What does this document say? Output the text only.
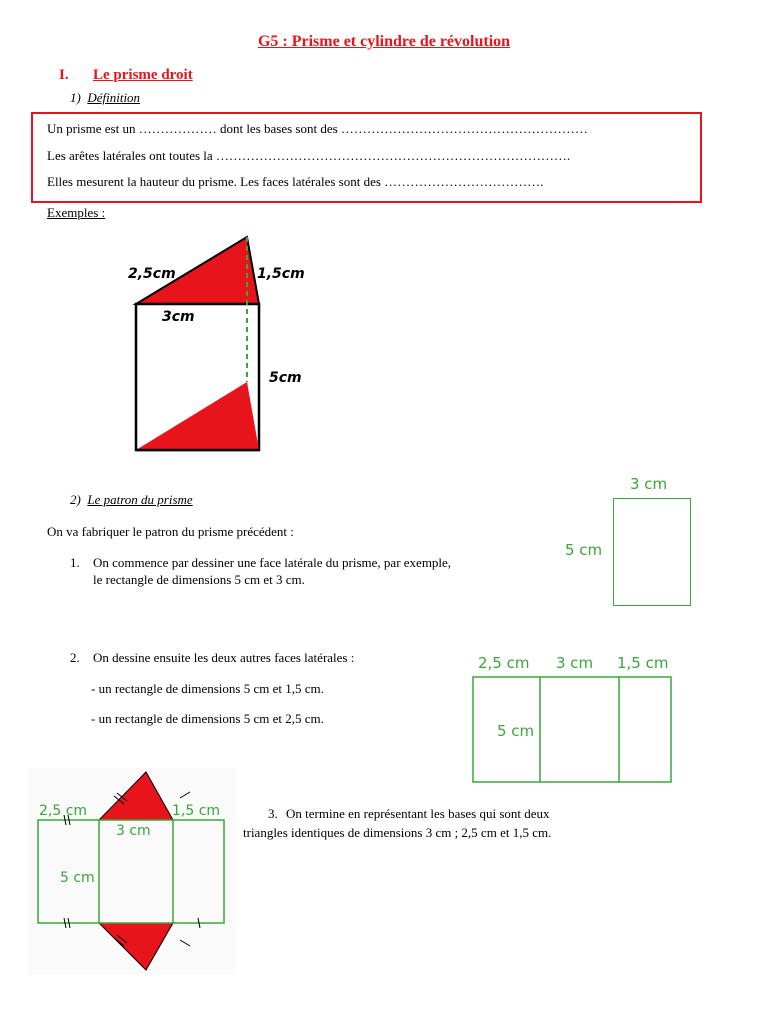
G5 : Prisme et cylindre de révolution
I. Le prisme droit
1) Définition
Un prisme est un ……………… dont les bases sont des …………………………………………………
Les arêtes latérales ont toutes la ……………………………………………………………………….
Elles mesurent la hauteur du prisme. Les faces latérales sont des ……………………………….
Exemples :
2,5cm	1,5cm
3cm
5cm
2) Le patron du prisme
On va fabriquer le patron du prisme précédent :
1. On commence par dessiner une face latérale du prisme, par exemple,
le rectangle de dimensions 5 cm et 3 cm.
3 cm
5 cm
2. On dessine ensuite les deux autres faces latérales :
- un rectangle de dimensions 5 cm et 1,5 cm.
- un rectangle de dimensions 5 cm et 2,5 cm.
2,5 cm 3 cm 1,5 cm
5 cm
2,5 cm
3 cm
1,5 cm
5 cm
3. On termine en représentant les bases qui sont deux
triangles identiques de dimensions 3 cm ; 2,5 cm et 1,5 cm.
